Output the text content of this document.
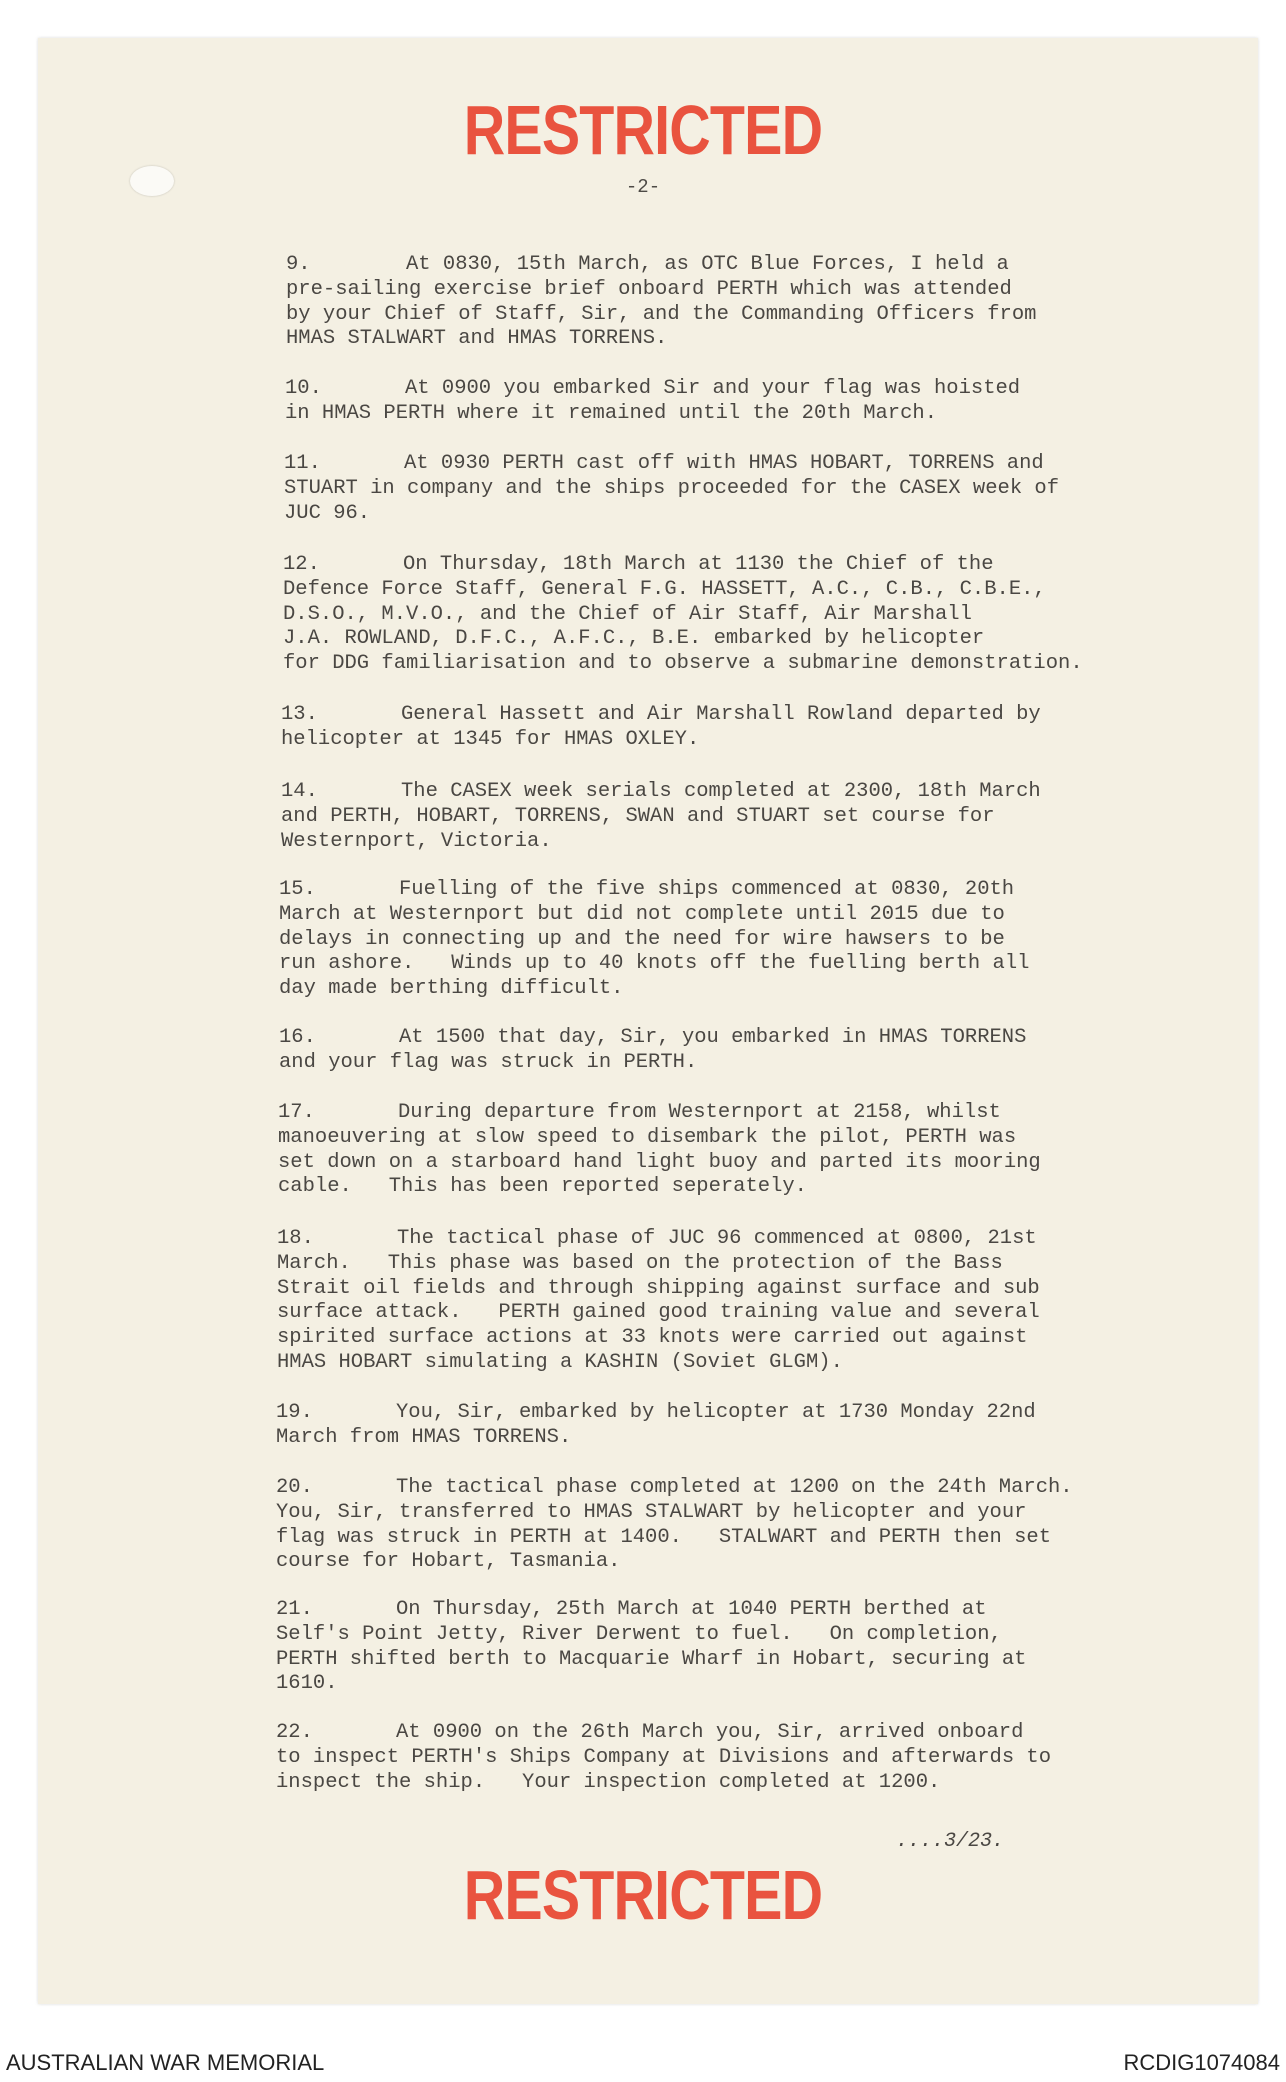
RESTRICTED
-2-
9.	At 0830, 15th March, as OTC Blue Forces, I held a
pre-sailing exercise brief onboard PERTH which was attended
by your Chief of Staff, Sir, and the Commanding Officers from
HMAS STALWART and HMAS TORRENS.
10.	At 0900 you embarked Sir and your flag was hoisted
in HMAS PERTH where it remained until the 20th March.
11.	At 0930 PERTH cast off with HMAS HOBART, TORRENS and
STUART in company and the ships proceeded for the CASEX week of
JUC 96.
12.	On Thursday, 18th March at 1130 the Chief of the
Defence Force Staff, General F.G. HASSETT, A.C., C.B., C.B.E.,
D.S.O., M.V.O., and the Chief of Air Staff, Air Marshall
J.A. ROWLAND, D.F.C., A.F.C., B.E. embarked by helicopter
for DDG familiarisation and to observe a submarine demonstration.
13.	General Hassett and Air Marshall Rowland departed by
helicopter at 1345 for HMAS OXLEY.
14.	The CASEX week serials completed at 2300, 18th March
and PERTH, HOBART, TORRENS, SWAN and STUART set course for
Westernport, Victoria.
15.	Fuelling of the five ships commenced at 0830, 20th
March at Westernport but did not complete until 2015 due to
delays in connecting up and the need for wire hawsers to be
run ashore.   Winds up to 40 knots off the fuelling berth all
day made berthing difficult.
16.	At 1500 that day, Sir, you embarked in HMAS TORRENS
and your flag was struck in PERTH.
17.	During departure from Westernport at 2158, whilst
manoeuvering at slow speed to disembark the pilot, PERTH was
set down on a starboard hand light buoy and parted its mooring
cable.   This has been reported seperately.
18.	The tactical phase of JUC 96 commenced at 0800, 21st
March.   This phase was based on the protection of the Bass
Strait oil fields and through shipping against surface and sub
surface attack.   PERTH gained good training value and several
spirited surface actions at 33 knots were carried out against
HMAS HOBART simulating a KASHIN (Soviet GLGM).
19.	You, Sir, embarked by helicopter at 1730 Monday 22nd
March from HMAS TORRENS.
20.	The tactical phase completed at 1200 on the 24th March.
You, Sir, transferred to HMAS STALWART by helicopter and your
flag was struck in PERTH at 1400.   STALWART and PERTH then set
course for Hobart, Tasmania.
21.	On Thursday, 25th March at 1040 PERTH berthed at
Self's Point Jetty, River Derwent to fuel.   On completion,
PERTH shifted berth to Macquarie Wharf in Hobart, securing at
1610.
22.	At 0900 on the 26th March you, Sir, arrived onboard
to inspect PERTH's Ships Company at Divisions and afterwards to
inspect the ship.   Your inspection completed at 1200.
....3/23.
RESTRICTED
AUSTRALIAN WAR MEMORIAL	RCDIG1074084
